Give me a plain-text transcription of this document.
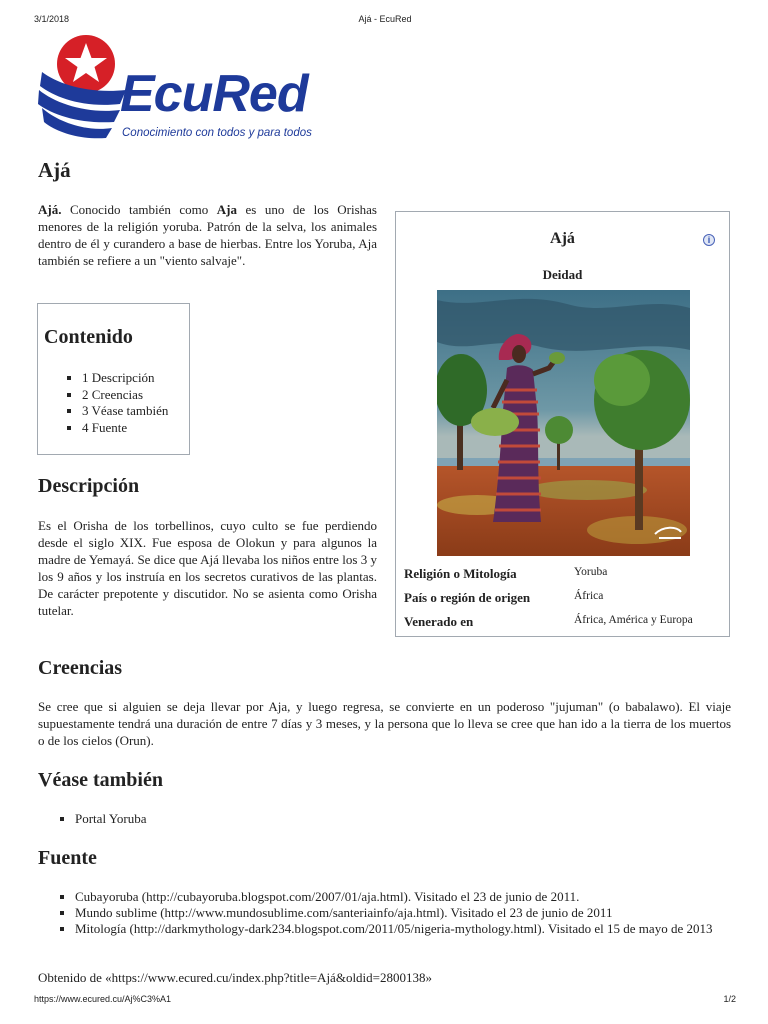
3/1/2018	Ajá - EcuRed
EcuRed
Conocimiento con todos y para todos
Ajá

Ajá. Conocido también como Aja es uno de los Orishas menores de la religión yoruba. Patrón de la selva, los animales dentro de él y curandero a base de hierbas. Entre los Yoruba, Aja también se refiere a un "viento salvaje".

Contenido
▪ 1 Descripción
▪ 2 Creencias
▪ 3 Véase también
▪ 4 Fuente
Ajá	i
Deidad
Religión o Mitología	Yoruba
País o región de origen	África
Venerado en	África, América y Europa
Descripción

Es el Orisha de los torbellinos, cuyo culto se fue perdiendo desde el siglo XIX. Fue esposa de Olokun y para algunos la madre de Yemayá. Se dice que Ajá llevaba los niños entre los 3 y los 9 años y los instruía en los secretos curativos de las plantas. De carácter prepotente y discutidor. No se asienta como Orisha tutelar.

Creencias

Se cree que si alguien se deja llevar por Aja, y luego regresa, se convierte en un poderoso "jujuman" (o babalawo). El viaje supuestamente tendrá una duración de entre 7 días y 3 meses, y la persona que lo lleva se cree que han ido a la tierra de los muertos o de los cielos (Orun).

Véase también
▪ Portal Yoruba
Fuente
▪ Cubayoruba (http://cubayoruba.blogspot.com/2007/01/aja.html). Visitado el 23 de junio de 2011.
▪ Mundo sublime (http://www.mundosublime.com/santeriainfo/aja.html). Visitado el 23 de junio de 2011
▪ Mitología (http://darkmythology-dark234.blogspot.com/2011/05/nigeria-mythology.html). Visitado el 15 de mayo de 2013

Obtenido de «https://www.ecured.cu/index.php?title=Ajá&oldid=2800138»

https://www.ecured.cu/Aj%C3%A1	1/2
